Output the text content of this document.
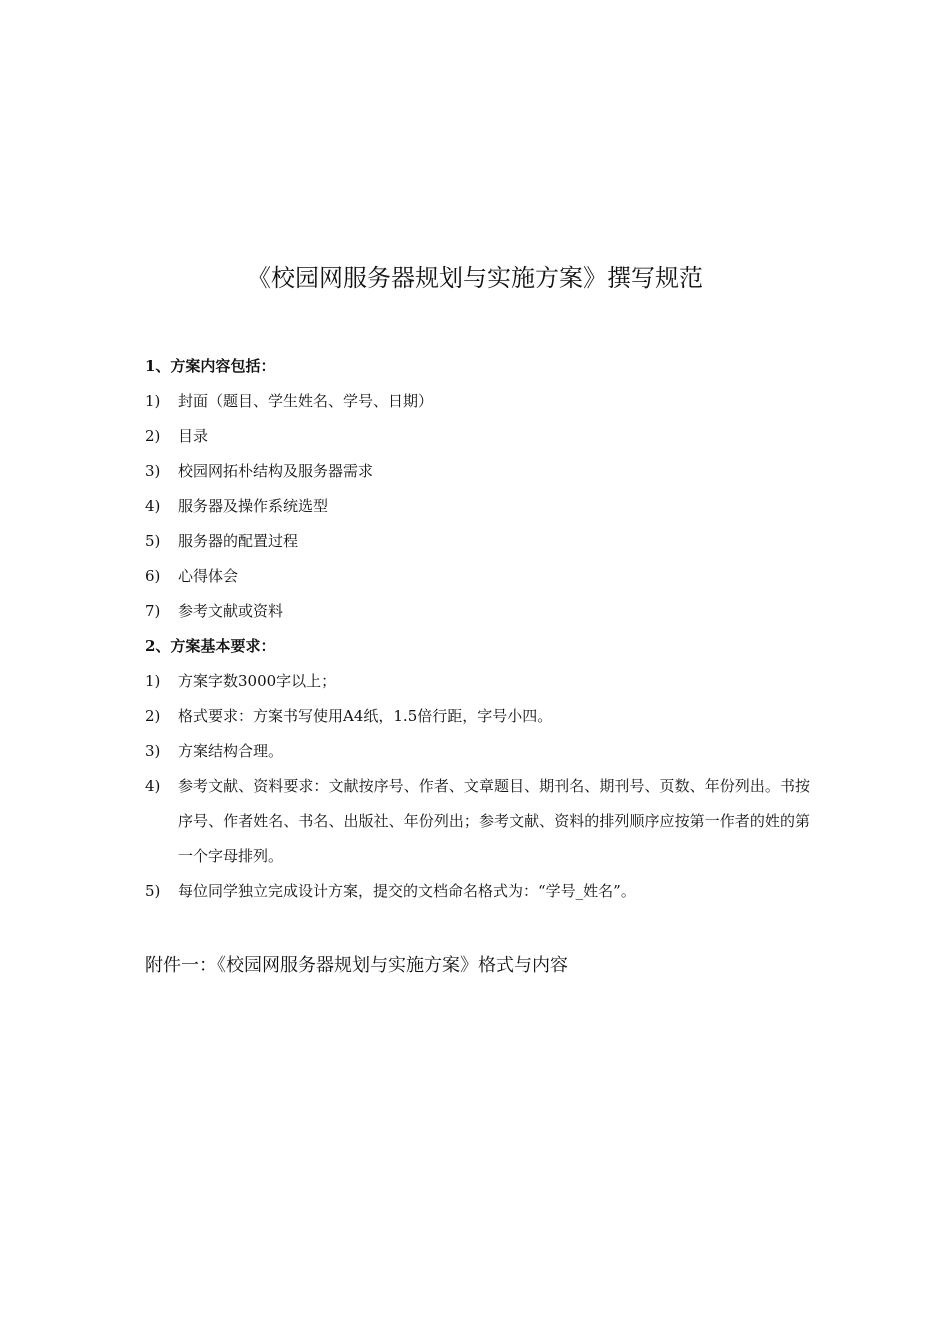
《校园网服务器规划与实施方案》撰写规范
1、方案内容包括：
1)	封面（题目、学生姓名、学号、日期）
2)	目录
3)	校园网拓朴结构及服务器需求
4)	服务器及操作系统选型
5)	服务器的配置过程
6)	心得体会
7)	参考文献或资料
2、方案基本要求：
1)	方案字数3000字以上；
2)	格式要求：方案书写使用A4纸，1.5倍行距，字号小四。
3)	方案结构合理。
4)	参考文献、资料要求：文献按序号、作者、文章题目、期刊名、期刊号、页数、年份列出。书按序号、作者姓名、书名、出版社、年份列出；参考文献、资料的排列顺序应按第一作者的姓的第一个字母排列。
5)	每位同学独立完成设计方案，提交的文档命名格式为：“学号_姓名”。
附件一：《校园网服务器规划与实施方案》格式与内容
